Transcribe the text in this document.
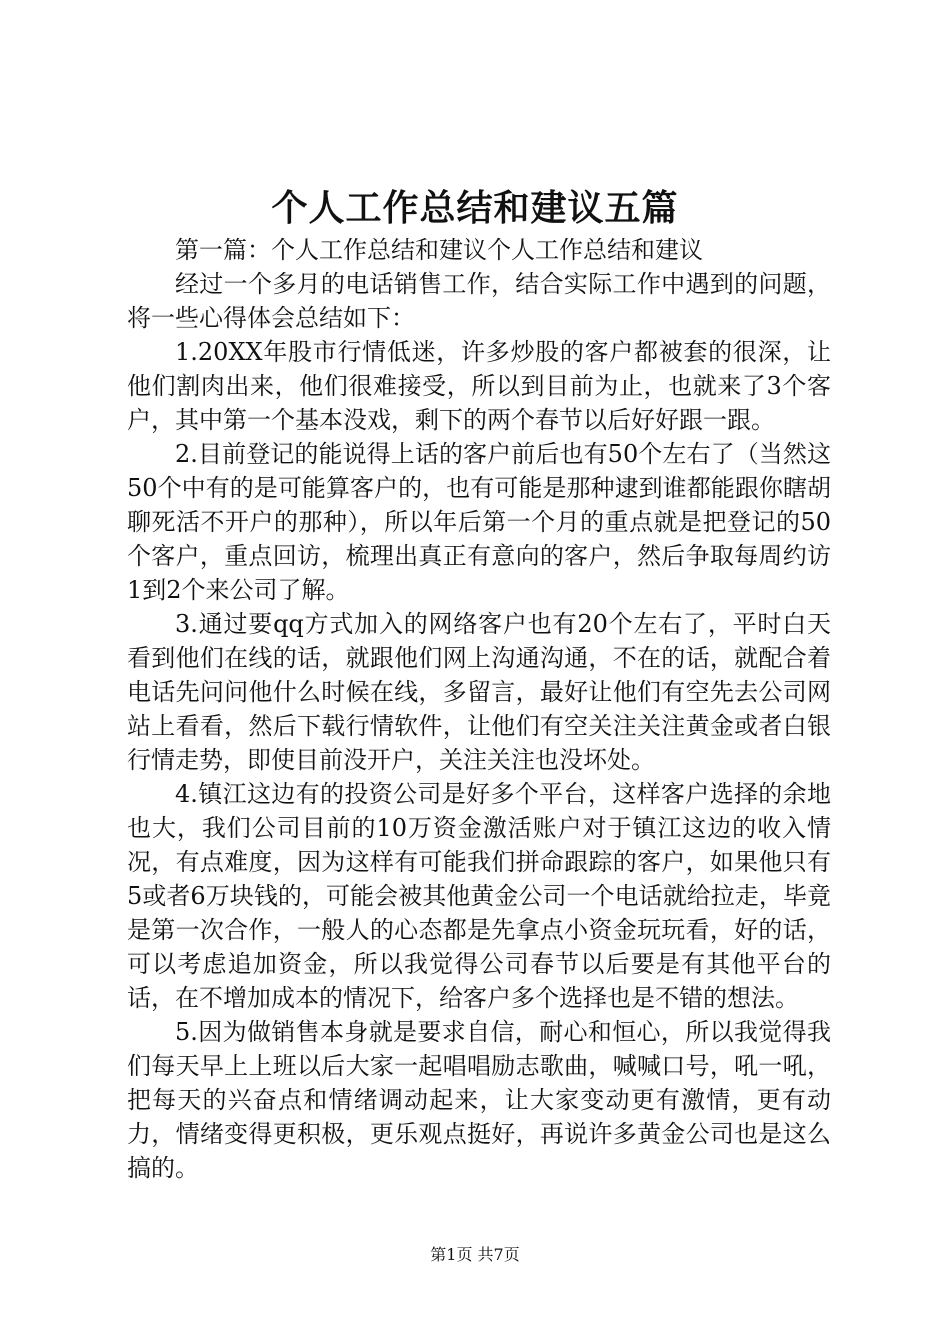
个人工作总结和建议五篇

第一篇：个人工作总结和建议个人工作总结和建议

经过一个多月的电话销售工作，结合实际工作中遇到的问题，将一些心得体会总结如下：

1.20XX年股市行情低迷，许多炒股的客户都被套的很深，让他们割肉出来，他们很难接受，所以到目前为止，也就来了3个客户，其中第一个基本没戏，剩下的两个春节以后好好跟一跟。

2.目前登记的能说得上话的客户前后也有50个左右了（当然这50个中有的是可能算客户的，也有可能是那种逮到谁都能跟你瞎胡聊死活不开户的那种），所以年后第一个月的重点就是把登记的50个客户，重点回访，梳理出真正有意向的客户，然后争取每周约访1到2个来公司了解。

3.通过要qq方式加入的网络客户也有20个左右了，平时白天看到他们在线的话，就跟他们网上沟通沟通，不在的话，就配合着电话先问问他什么时候在线，多留言，最好让他们有空先去公司网站上看看，然后下载行情软件，让他们有空关注关注黄金或者白银行情走势，即使目前没开户，关注关注也没坏处。

4.镇江这边有的投资公司是好多个平台，这样客户选择的余地也大，我们公司目前的10万资金激活账户对于镇江这边的收入情况，有点难度，因为这样有可能我们拼命跟踪的客户，如果他只有5或者6万块钱的，可能会被其他黄金公司一个电话就给拉走，毕竟是第一次合作，一般人的心态都是先拿点小资金玩玩看，好的话，可以考虑追加资金，所以我觉得公司春节以后要是有其他平台的话，在不增加成本的情况下，给客户多个选择也是不错的想法。

5.因为做销售本身就是要求自信，耐心和恒心，所以我觉得我们每天早上上班以后大家一起唱唱励志歌曲，喊喊口号，吼一吼，把每天的兴奋点和情绪调动起来，让大家变动更有激情，更有动力，情绪变得更积极，更乐观点挺好，再说许多黄金公司也是这么搞的。

第1页 共7页
